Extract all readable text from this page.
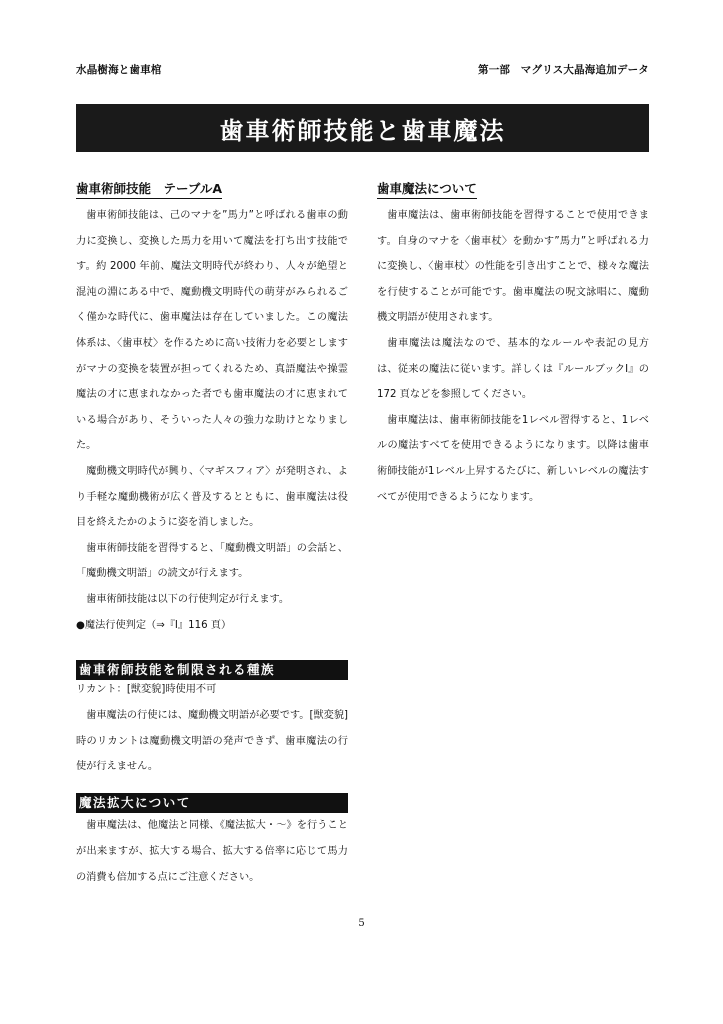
水晶樹海と歯車棺	第一部　マグリス大晶海追加データ
歯車術師技能と歯車魔法
歯車術師技能　テーブルA

歯車術師技能は、己のマナを”馬力”と呼ばれる歯車の動力に変換し、変換した馬力を用いて魔法を打ち出す技能です。約 2000 年前、魔法文明時代が終わり、人々が絶望と混沌の淵にある中で、魔動機文明時代の萌芽がみられるごく僅かな時代に、歯車魔法は存在していました。この魔法体系は、〈歯車杖〉を作るために高い技術力を必要としますがマナの変換を装置が担ってくれるため、真語魔法や操霊魔法の才に恵まれなかった者でも歯車魔法の才に恵まれている場合があり、そういった人々の強力な助けとなりました。

魔動機文明時代が興り、〈マギスフィア〉が発明され、より手軽な魔動機術が広く普及するとともに、歯車魔法は役目を終えたかのように姿を消しました。

歯車術師技能を習得すると、「魔動機文明語」の会話と、「魔動機文明語」の読文が行えます。

歯車術師技能は以下の行使判定が行えます。

●魔法行使判定（⇒『Ⅰ』116 頁）

歯車術師技能を制限される種族

リカント：[獣変貌]時使用不可

歯車魔法の行使には、魔動機文明語が必要です。[獣変貌]時のリカントは魔動機文明語の発声できず、歯車魔法の行使が行えません。

魔法拡大について

歯車魔法は、他魔法と同様、《魔法拡大・～》を行うことが出来ますが、拡大する場合、拡大する倍率に応じて馬力の消費も倍加する点にご注意ください。

歯車魔法について

歯車魔法は、歯車術師技能を習得することで使用できます。自身のマナを〈歯車杖〉を動かす”馬力”と呼ばれる力に変換し、〈歯車杖〉の性能を引き出すことで、様々な魔法を行使することが可能です。歯車魔法の呪文詠唱に、魔動機文明語が使用されます。

歯車魔法は魔法なので、基本的なルールや表記の見方は、従来の魔法に従います。詳しくは『ルールブックⅠ』の 172 頁などを参照してください。

歯車魔法は、歯車術師技能を1レベル習得すると、1レベルの魔法すべてを使用できるようになります。以降は歯車術師技能が1レベル上昇するたびに、新しいレベルの魔法すべてが使用できるようになります。

5
